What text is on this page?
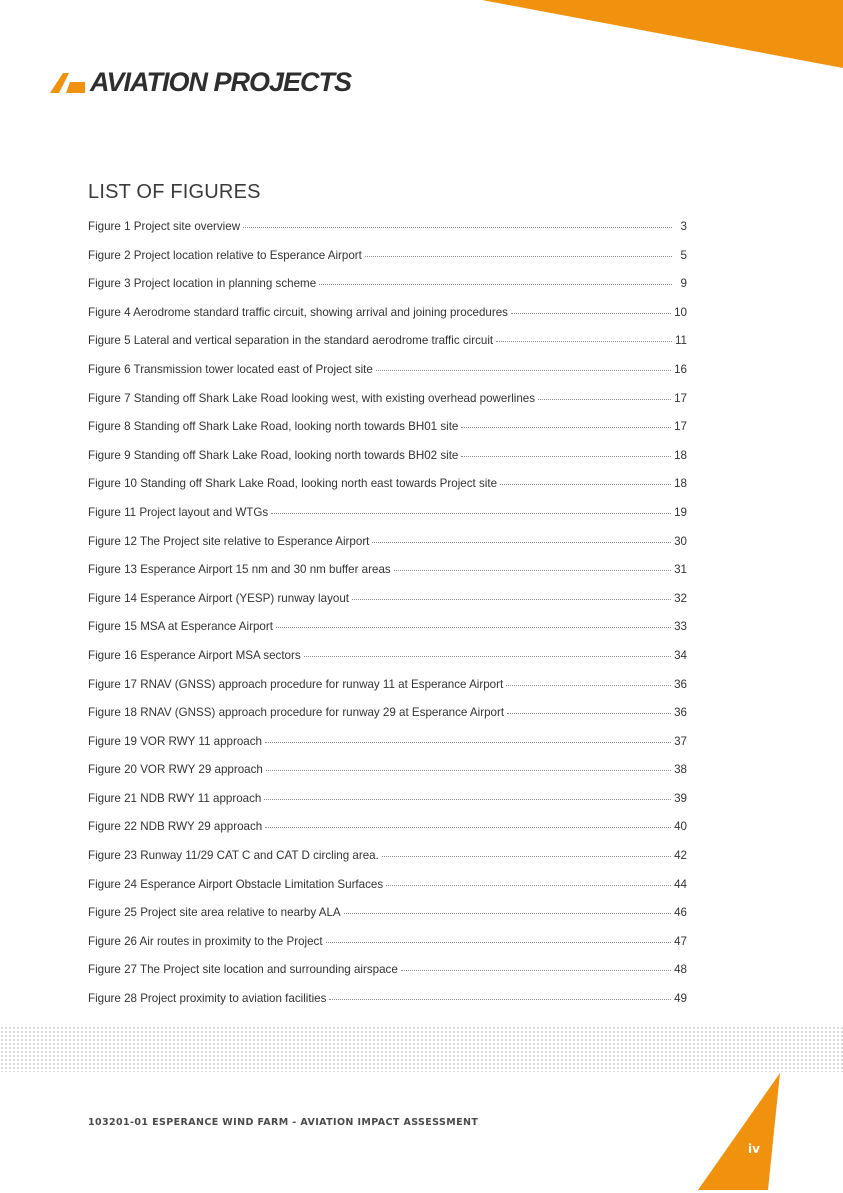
AVIATION PROJECTS
LIST OF FIGURES
Figure 1 Project site overview	3
Figure 2 Project location relative to Esperance Airport	5
Figure 3 Project location in planning scheme	9
Figure 4 Aerodrome standard traffic circuit, showing arrival and joining procedures	10
Figure 5 Lateral and vertical separation in the standard aerodrome traffic circuit	11
Figure 6 Transmission tower located east of Project site	16
Figure 7 Standing off Shark Lake Road looking west, with existing overhead powerlines	17
Figure 8 Standing off Shark Lake Road, looking north towards BH01 site	17
Figure 9 Standing off Shark Lake Road, looking north towards BH02 site	18
Figure 10 Standing off Shark Lake Road, looking north east towards Project site	18
Figure 11 Project layout and WTGs	19
Figure 12 The Project site relative to Esperance Airport	30
Figure 13 Esperance Airport 15 nm and 30 nm buffer areas	31
Figure 14 Esperance Airport (YESP) runway layout	32
Figure 15 MSA at Esperance Airport	33
Figure 16 Esperance Airport MSA sectors	34
Figure 17 RNAV (GNSS) approach procedure for runway 11 at Esperance Airport	36
Figure 18 RNAV (GNSS) approach procedure for runway 29 at Esperance Airport	36
Figure 19 VOR RWY 11 approach	37
Figure 20 VOR RWY 29 approach	38
Figure 21 NDB RWY 11 approach	39
Figure 22 NDB RWY 29 approach	40
Figure 23 Runway 11/29 CAT C and CAT D circling area.	42
Figure 24 Esperance Airport Obstacle Limitation Surfaces	44
Figure 25 Project site area relative to nearby ALA	46
Figure 26 Air routes in proximity to the Project	47
Figure 27 The Project site location and surrounding airspace	48
Figure 28 Project proximity to aviation facilities	49
103201-01 ESPERANCE WIND FARM - AVIATION IMPACT ASSESSMENT
iv
